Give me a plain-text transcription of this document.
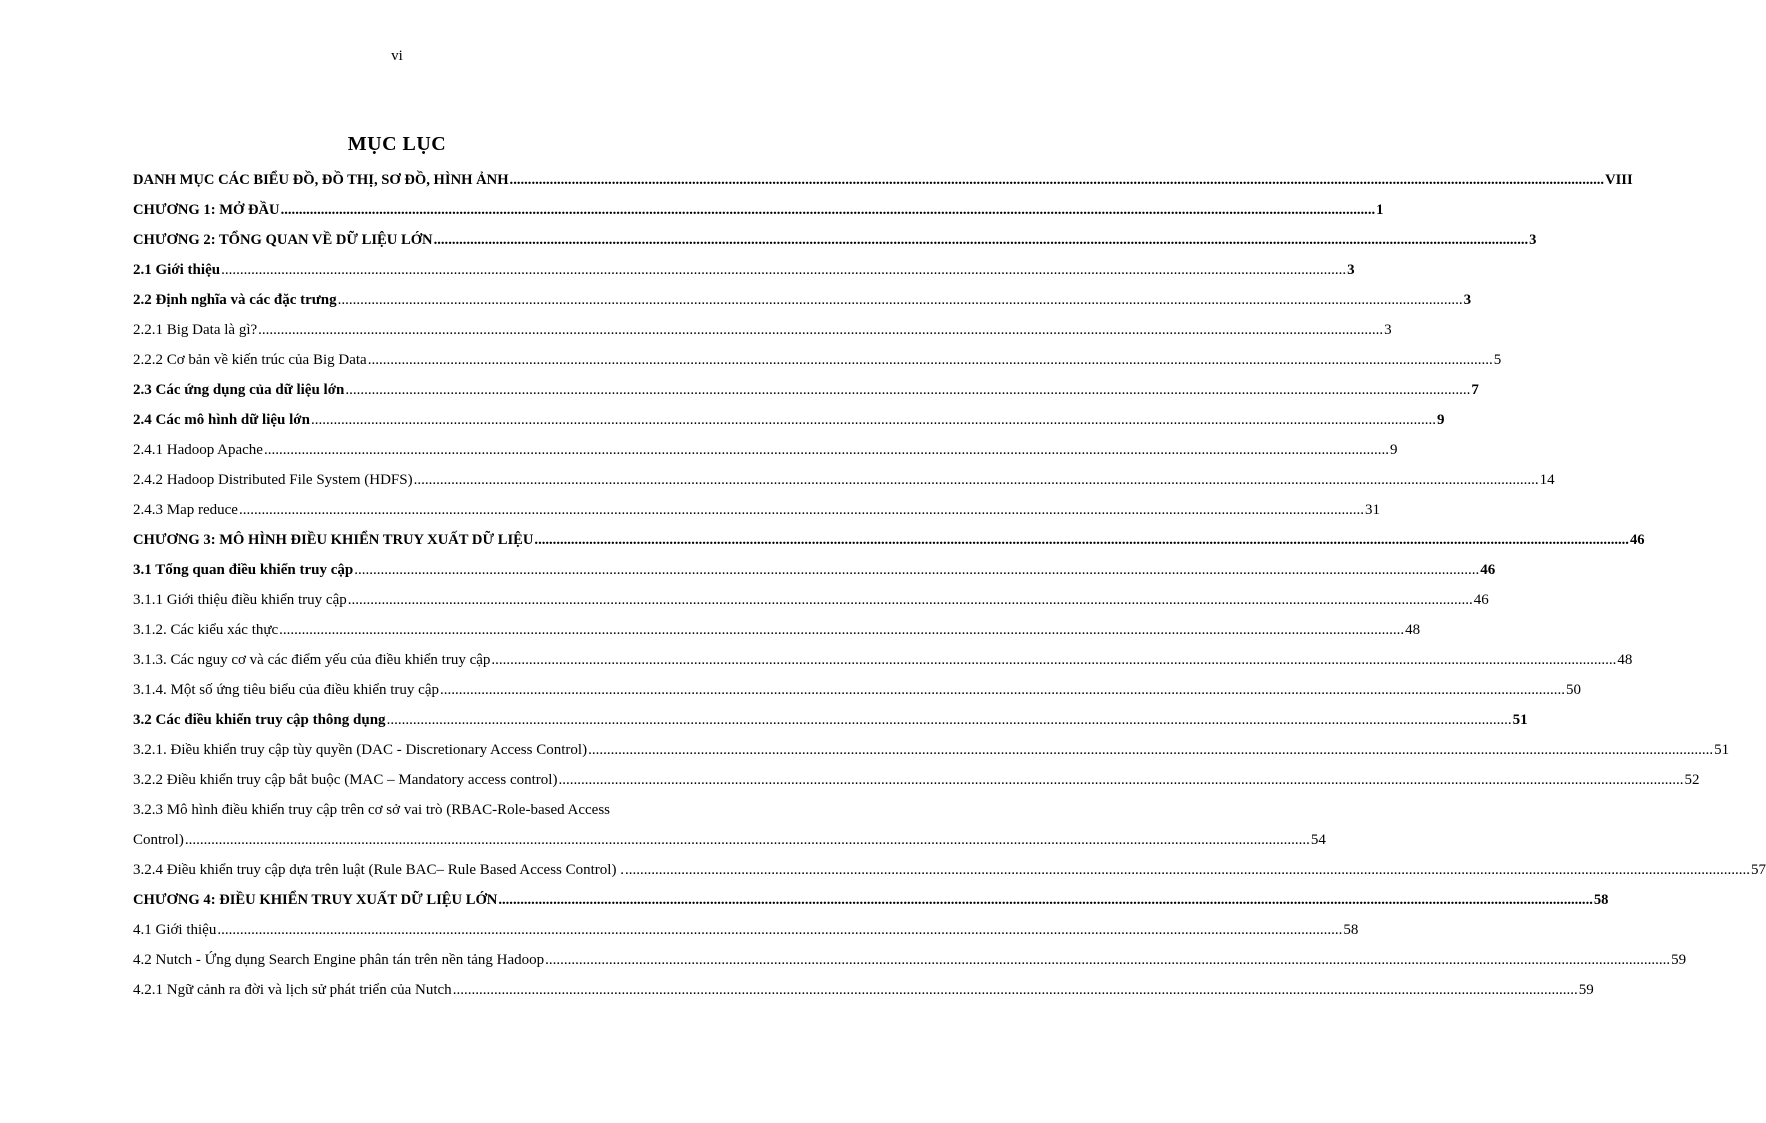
vi
MỤC LỤC
DANH MỤC CÁC BIỂU ĐỒ, ĐỒ THỊ, SƠ ĐỒ, HÌNH ẢNH ............................................................................................................................................................................................................................................................................................................ VIII
CHƯƠNG 1: MỞ ĐẦU ............................................................................................................................................................................................................................................................................................................ 1
CHƯƠNG 2: TỔNG QUAN VỀ DỮ LIỆU LỚN ............................................................................................................................................................................................................................................................................................................ 3
2.1 Giới thiệu ............................................................................................................................................................................................................................................................................................................ 3
2.2 Định nghĩa và các đặc trưng ............................................................................................................................................................................................................................................................................................................ 3
2.2.1 Big Data là gì? ............................................................................................................................................................................................................................................................................................................ 3
2.2.2 Cơ bản về kiến trúc của Big Data ............................................................................................................................................................................................................................................................................................................ 5
2.3 Các ứng dụng của dữ liệu lớn ............................................................................................................................................................................................................................................................................................................ 7
2.4 Các mô hình dữ liệu lớn ............................................................................................................................................................................................................................................................................................................ 9
2.4.1 Hadoop Apache ............................................................................................................................................................................................................................................................................................................ 9
2.4.2 Hadoop Distributed File System (HDFS) ............................................................................................................................................................................................................................................................................................................ 14
2.4.3 Map reduce ............................................................................................................................................................................................................................................................................................................ 31
CHƯƠNG 3: MÔ HÌNH ĐIỀU KHIỂN TRUY XUẤT DỮ LIỆU ............................................................................................................................................................................................................................................................................................................ 46
3.1 Tổng quan điều khiển truy cập ............................................................................................................................................................................................................................................................................................................ 46
3.1.1 Giới thiệu điều khiển truy cập ............................................................................................................................................................................................................................................................................................................ 46
3.1.2. Các kiểu xác thực ............................................................................................................................................................................................................................................................................................................ 48
3.1.3. Các nguy cơ và các điểm yếu của điều khiển truy cập ............................................................................................................................................................................................................................................................................................................ 48
3.1.4. Một số ứng tiêu biểu của điều khiển truy cập ............................................................................................................................................................................................................................................................................................................ 50
3.2 Các điều khiển truy cập thông dụng ............................................................................................................................................................................................................................................................................................................ 51
3.2.1. Điều khiển truy cập tùy quyền (DAC - Discretionary Access Control) ............................................................................................................................................................................................................................................................................................................ 51
3.2.2 Điều khiển truy cập bắt buộc (MAC – Mandatory access control) ............................................................................................................................................................................................................................................................................................................ 52
3.2.3 Mô hình điều khiển truy cập trên cơ sở vai trò (RBAC-Role-based Access
Control) ............................................................................................................................................................................................................................................................................................................ 54
3.2.4 Điều khiển truy cập dựa trên luật (Rule BAC– Rule Based Access Control) . ............................................................................................................................................................................................................................................................................................................ 57
CHƯƠNG 4: ĐIỀU KHIỂN TRUY XUẤT DỮ LIỆU LỚN ............................................................................................................................................................................................................................................................................................................ 58
4.1 Giới thiệu ............................................................................................................................................................................................................................................................................................................ 58
4.2 Nutch - Ứng dụng Search Engine phân tán trên nền tảng Hadoop ............................................................................................................................................................................................................................................................................................................ 59
4.2.1 Ngữ cảnh ra đời và lịch sử phát triển của Nutch ............................................................................................................................................................................................................................................................................................................ 59
